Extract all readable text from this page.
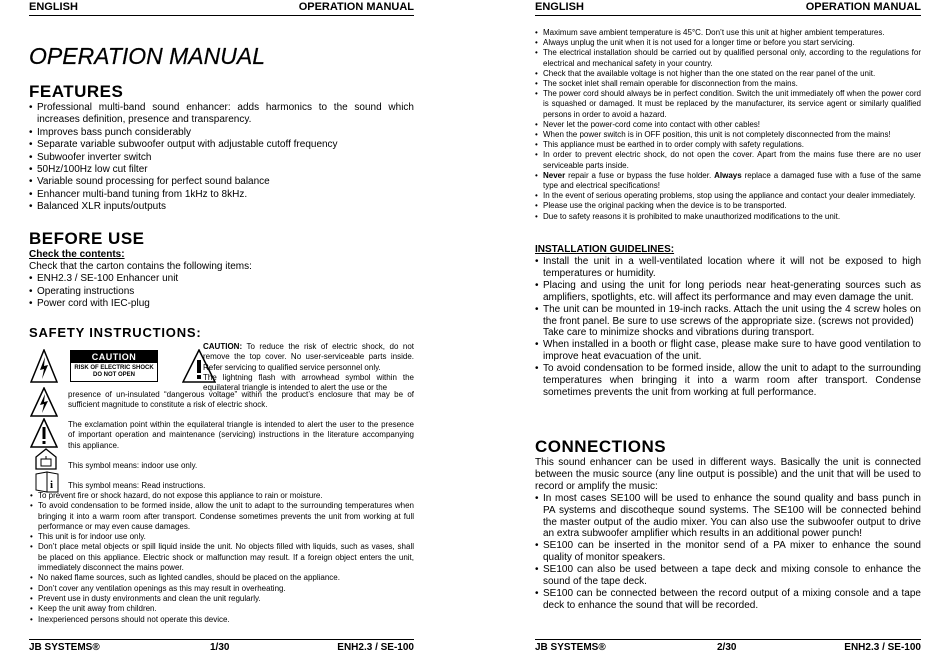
ENGLISH	OPERATION MANUAL
OPERATION MANUAL
FEATURES
• Professional multi-band sound enhancer: adds harmonics to the sound which increases definition, presence and transparency.
• Improves bass punch considerably
• Separate variable subwoofer output with adjustable cutoff frequency
• Subwoofer inverter switch
• 50Hz/100Hz low cut filter
• Variable sound processing for perfect sound balance
• Enhancer multi-band tuning from 1kHz to 8kHz.
• Balanced XLR inputs/outputs
BEFORE USE
Check the contents:
Check that the carton contains the following items:
• ENH2.3 / SE-100 Enhancer unit
• Operating instructions
• Power cord with IEC-plug
SAFETY INSTRUCTIONS:
CAUTION
RISK OF ELECTRIC SHOCK DO NOT OPEN
i
CAUTION: To reduce the risk of electric shock, do not remove the top cover. No user-serviceable parts inside. Refer servicing to qualified service personnel only.
The lightning flash with arrowhead symbol within the equilateral triangle is intended to alert the use or the
presence of un-insulated “dangerous voltage” within the product’s enclosure that may be of sufficient magnitude to constitute a risk of electric shock.
The exclamation point within the equilateral triangle is intended to alert the user to the presence of important operation and maintenance (servicing) instructions in the literature accompanying this appliance.
This symbol means: indoor use only.
This symbol means: Read instructions.
• To prevent fire or shock hazard, do not expose this appliance to rain or moisture.
• To avoid condensation to be formed inside, allow the unit to adapt to the surrounding temperatures when bringing it into a warm room after transport. Condense sometimes prevents the unit from working at full performance or may even cause damages.
• This unit is for indoor use only.
• Don’t place metal objects or spill liquid inside the unit. No objects filled with liquids, such as vases, shall be placed on this appliance. Electric shock or malfunction may result. If a foreign object enters the unit, immediately disconnect the mains power.
• No naked flame sources, such as lighted candles, should be placed on the appliance.
• Don’t cover any ventilation openings as this may result in overheating.
• Prevent use in dusty environments and clean the unit regularly.
• Keep the unit away from children.
• Inexperienced persons should not operate this device.
JB SYSTEMS®	1/30	ENH2.3 / SE-100
ENGLISH	OPERATION MANUAL
• Maximum save ambient temperature is 45°C. Don’t use this unit at higher ambient temperatures.
• Always unplug the unit when it is not used for a longer time or before you start servicing.
• The electrical installation should be carried out by qualified personal only, according to the regulations for electrical and mechanical safety in your country.
• Check that the available voltage is not higher than the one stated on the rear panel of the unit.
• The socket inlet shall remain operable for disconnection from the mains.
• The power cord should always be in perfect condition. Switch the unit immediately off when the power cord is squashed or damaged. It must be replaced by the manufacturer, its service agent or similarly qualified persons in order to avoid a hazard.
• Never let the power-cord come into contact with other cables!
• When the power switch is in OFF position, this unit is not completely disconnected from the mains!
• This appliance must be earthed in to order comply with safety regulations.
• In order to prevent electric shock, do not open the cover. Apart from the mains fuse there are no user serviceable parts inside.
• Never repair a fuse or bypass the fuse holder. Always replace a damaged fuse with a fuse of the same type and electrical specifications!
• In the event of serious operating problems, stop using the appliance and contact your dealer immediately.
• Please use the original packing when the device is to be transported.
• Due to safety reasons it is prohibited to make unauthorized modifications to the unit.
INSTALLATION GUIDELINES:
• Install the unit in a well-ventilated location where it will not be exposed to high temperatures or humidity.
• Placing and using the unit for long periods near heat-generating sources such as amplifiers, spotlights, etc. will affect its performance and may even damage the unit.
• The unit can be mounted in 19-inch racks. Attach the unit using the 4 screw holes on the front panel. Be sure to use screws of the appropriate size. (screws not provided)
Take care to minimize shocks and vibrations during transport.
• When installed in a booth or flight case, please make sure to have good ventilation to improve heat evacuation of the unit.
• To avoid condensation to be formed inside, allow the unit to adapt to the surrounding temperatures when bringing it into a warm room after transport. Condense sometimes prevents the unit from working at full performance.
CONNECTIONS
This sound enhancer can be used in different ways. Basically the unit is connected between the music source (any line output is possible) and the unit that will be used to record or amplify the music:
• In most cases SE100 will be used to enhance the sound quality and bass punch in PA systems and discotheque sound systems. The SE100 will be connected behind the master output of the audio mixer. You can also use the subwoofer output to drive an extra subwoofer amplifier which results in an additional power punch!
• SE100 can be inserted in the monitor send of a PA mixer to enhance the sound quality of monitor speakers.
• SE100 can also be used between a tape deck and mixing console to enhance the sound of the tape deck.
• SE100 can be connected between the record output of a mixing console and a tape deck to enhance the sound that will be recorded.
JB SYSTEMS®	2/30	ENH2.3 / SE-100
